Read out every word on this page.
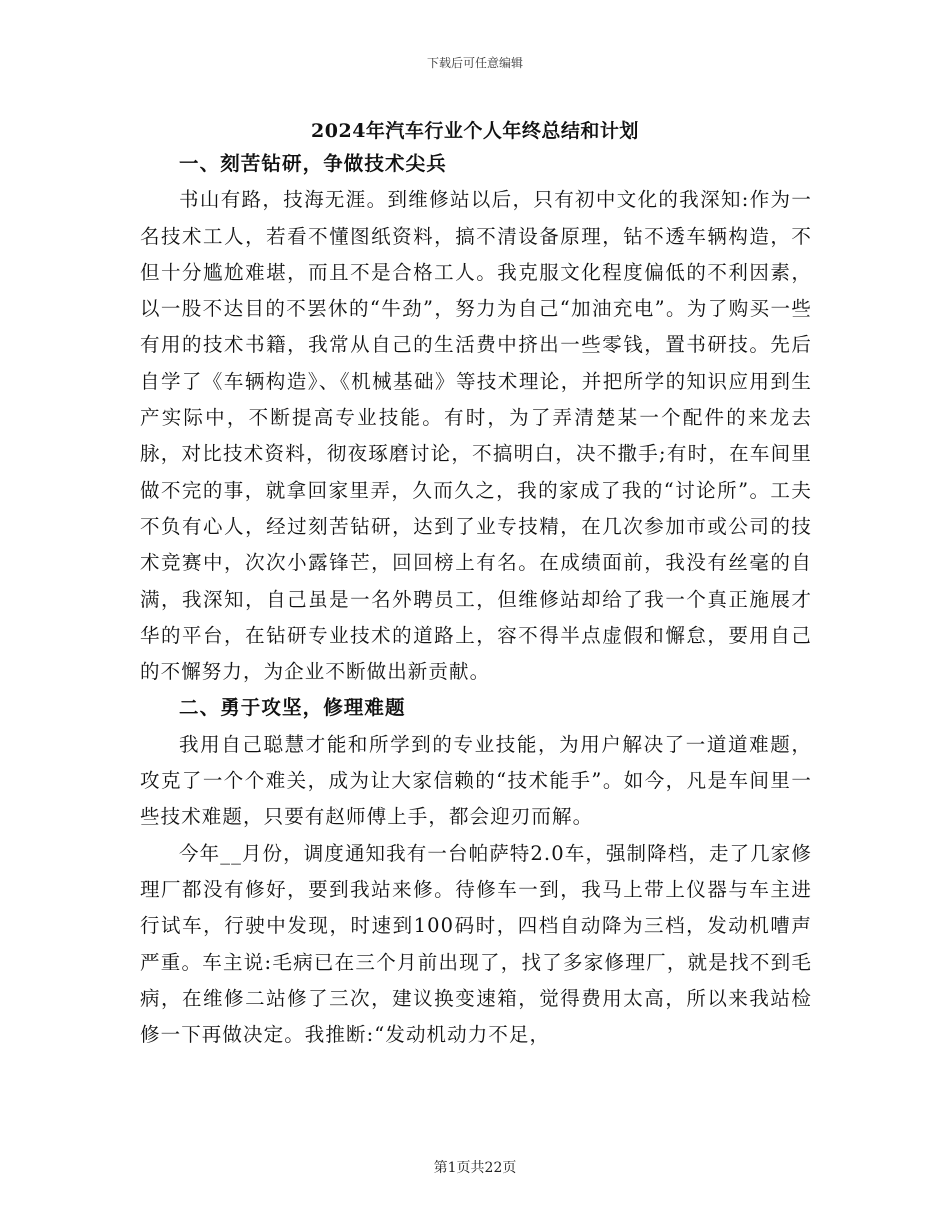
下载后可任意编辑
2024年汽车行业个人年终总结和计划
一、刻苦钻研，争做技术尖兵

书山有路，技海无涯。到维修站以后，只有初中文化的我深知:作为一名技术工人，若看不懂图纸资料，搞不清设备原理，钻不透车辆构造，不但十分尴尬难堪，而且不是合格工人。我克服文化程度偏低的不利因素，以一股不达目的不罢休的“牛劲”，努力为自己“加油充电”。为了购买一些有用的技术书籍，我常从自己的生活费中挤出一些零钱，置书研技。先后自学了《车辆构造》、《机械基础》等技术理论，并把所学的知识应用到生产实际中，不断提高专业技能。有时，为了弄清楚某一个配件的来龙去脉，对比技术资料，彻夜琢磨讨论，不搞明白，决不撒手;有时，在车间里做不完的事，就拿回家里弄，久而久之，我的家成了我的“讨论所”。工夫不负有心人，经过刻苦钻研，达到了业专技精，在几次参加市或公司的技术竞赛中，次次小露锋芒，回回榜上有名。在成绩面前，我没有丝毫的自满，我深知，自己虽是一名外聘员工，但维修站却给了我一个真正施展才华的平台，在钻研专业技术的道路上，容不得半点虚假和懈怠，要用自己的不懈努力，为企业不断做出新贡献。

二、勇于攻坚，修理难题

我用自己聪慧才能和所学到的专业技能，为用户解决了一道道难题，攻克了一个个难关，成为让大家信赖的“技术能手”。如今，凡是车间里一些技术难题，只要有赵师傅上手，都会迎刃而解。

今年__月份，调度通知我有一台帕萨特2.0车，强制降档，走了几家修理厂都没有修好，要到我站来修。待修车一到，我马上带上仪器与车主进行试车，行驶中发现，时速到100码时，四档自动降为三档，发动机嘈声严重。车主说:毛病已在三个月前出现了，找了多家修理厂，就是找不到毛病，在维修二站修了三次，建议换变速箱，觉得费用太高，所以来我站检修一下再做决定。我推断:“发动机动力不足，

第1页共22页
